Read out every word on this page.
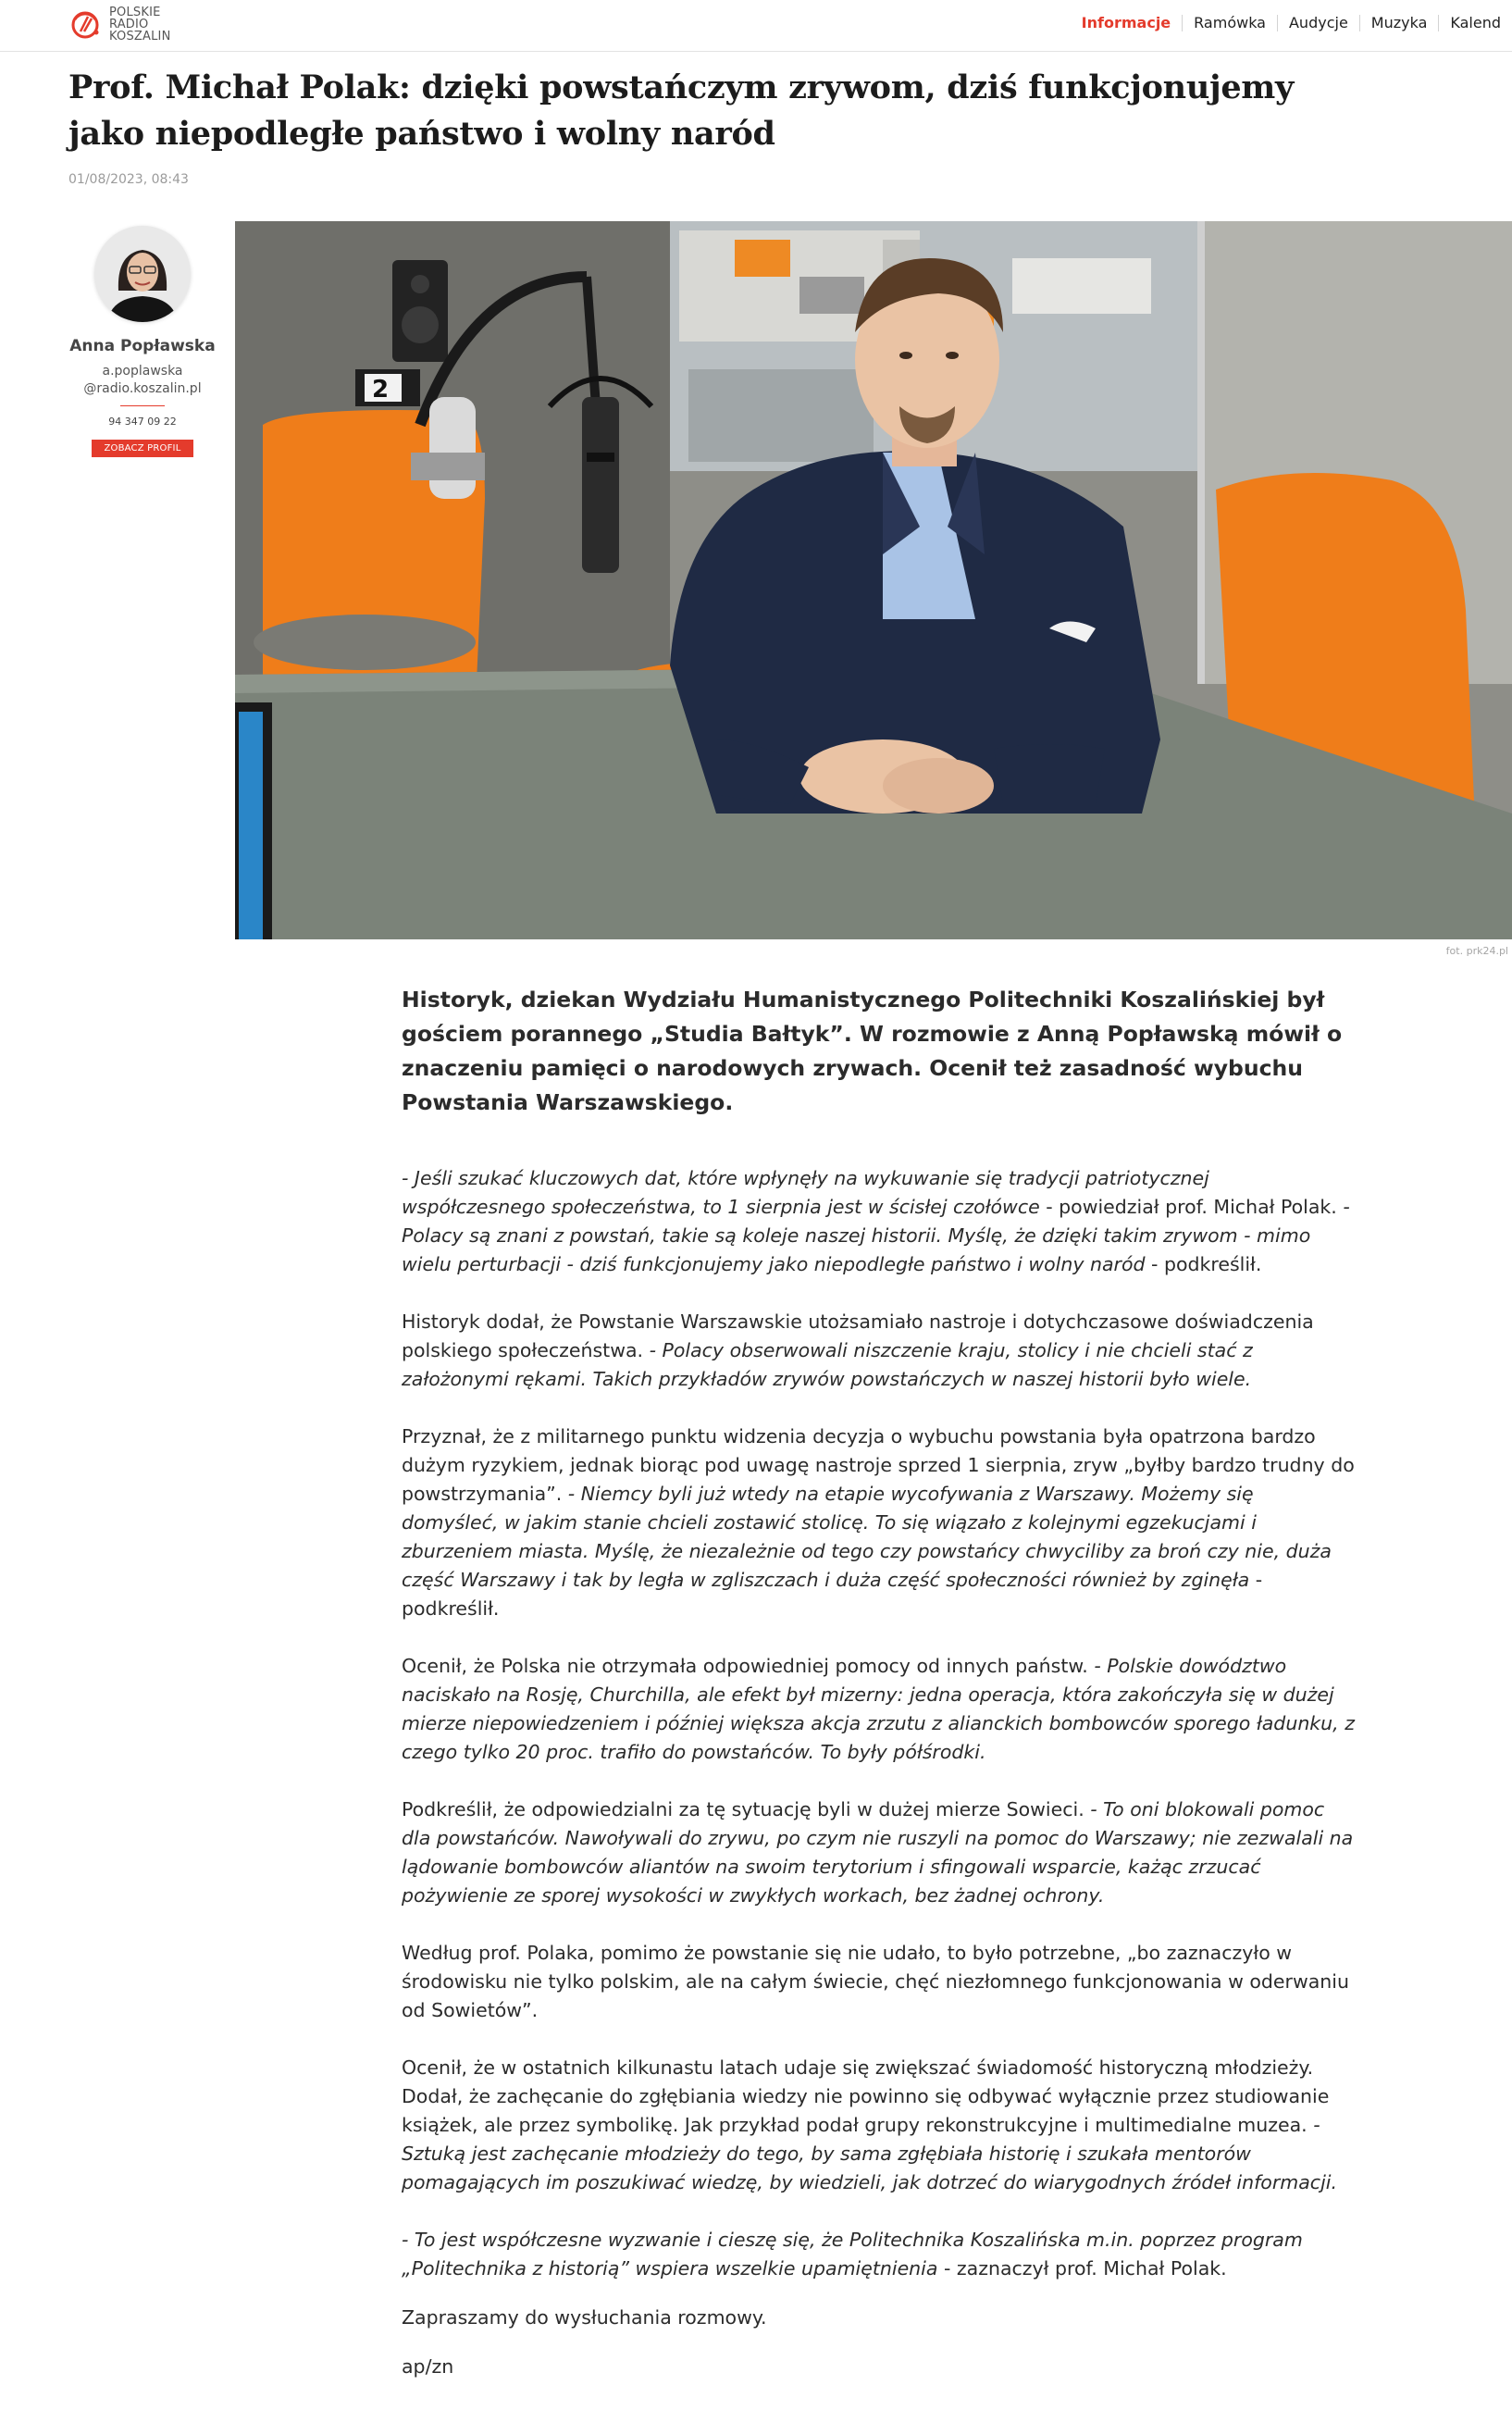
POLSKIE
RADIO
KOSZALIN
Informacje	Ramówka	Audycje	Muzyka	Kalend
Prof. Michał Polak: dzięki powstańczym zrywom, dziś funkcjonujemy jako niepodległe państwo i wolny naród
01/08/2023, 08:43
Anna Popławska
a.poplawska
@radio.koszalin.pl
94 347 09 22
ZOBACZ PROFIL
2
fot. prk24.pl

Historyk, dziekan Wydziału Humanistycznego Politechniki Koszalińskiej był gościem porannego „Studia Bałtyk”. W rozmowie z Anną Popławską mówił o znaczeniu pamięci o narodowych zrywach. Ocenił też zasadność wybuchu Powstania Warszawskiego.

- Jeśli szukać kluczowych dat, które wpłynęły na wykuwanie się tradycji patriotycznej współczesnego społeczeństwa, to 1 sierpnia jest w ścisłej czołówce - powiedział prof. Michał Polak. - Polacy są znani z powstań, takie są koleje naszej historii. Myślę, że dzięki takim zrywom - mimo wielu perturbacji - dziś funkcjonujemy jako niepodległe państwo i wolny naród - podkreślił.

Historyk dodał, że Powstanie Warszawskie utożsamiało nastroje i dotychczasowe doświadczenia polskiego społeczeństwa. - Polacy obserwowali niszczenie kraju, stolicy i nie chcieli stać z założonymi rękami. Takich przykładów zrywów powstańczych w naszej historii było wiele.

Przyznał, że z militarnego punktu widzenia decyzja o wybuchu powstania była opatrzona bardzo dużym ryzykiem, jednak biorąc pod uwagę nastroje sprzed 1 sierpnia, zryw „byłby bardzo trudny do powstrzymania”. - Niemcy byli już wtedy na etapie wycofywania z Warszawy. Możemy się domyśleć, w jakim stanie chcieli zostawić stolicę. To się wiązało z kolejnymi egzekucjami i zburzeniem miasta. Myślę, że niezależnie od tego czy powstańcy chwyciliby za broń czy nie, duża część Warszawy i tak by legła w zgliszczach i duża część społeczności również by zginęła - podkreślił.

Ocenił, że Polska nie otrzymała odpowiedniej pomocy od innych państw. - Polskie dowództwo naciskało na Rosję, Churchilla, ale efekt był mizerny: jedna operacja, która zakończyła się w dużej mierze niepowiedzeniem i później większa akcja zrzutu z alianckich bombowców sporego ładunku, z czego tylko 20 proc. trafiło do powstańców. To były półśrodki.

Podkreślił, że odpowiedzialni za tę sytuację byli w dużej mierze Sowieci. - To oni blokowali pomoc dla powstańców. Nawoływali do zrywu, po czym nie ruszyli na pomoc do Warszawy; nie zezwalali na lądowanie bombowców aliantów na swoim terytorium i sfingowali wsparcie, każąc zrzucać pożywienie ze sporej wysokości w zwykłych workach, bez żadnej ochrony.

Według prof. Polaka, pomimo że powstanie się nie udało, to było potrzebne, „bo zaznaczyło w środowisku nie tylko polskim, ale na całym świecie, chęć niezłomnego funkcjonowania w oderwaniu od Sowietów”.

Ocenił, że w ostatnich kilkunastu latach udaje się zwiększać świadomość historyczną młodzieży. Dodał, że zachęcanie do zgłębiania wiedzy nie powinno się odbywać wyłącznie przez studiowanie książek, ale przez symbolikę. Jak przykład podał grupy rekonstrukcyjne i multimedialne muzea. - Sztuką jest zachęcanie młodzieży do tego, by sama zgłębiała historię i szukała mentorów pomagających im poszukiwać wiedzę, by wiedzieli, jak dotrzeć do wiarygodnych źródeł informacji.

- To jest współczesne wyzwanie i cieszę się, że Politechnika Koszalińska m.in. poprzez program „Politechnika z historią” wspiera wszelkie upamiętnienia - zaznaczył prof. Michał Polak.

Zapraszamy do wysłuchania rozmowy.

ap/zn
